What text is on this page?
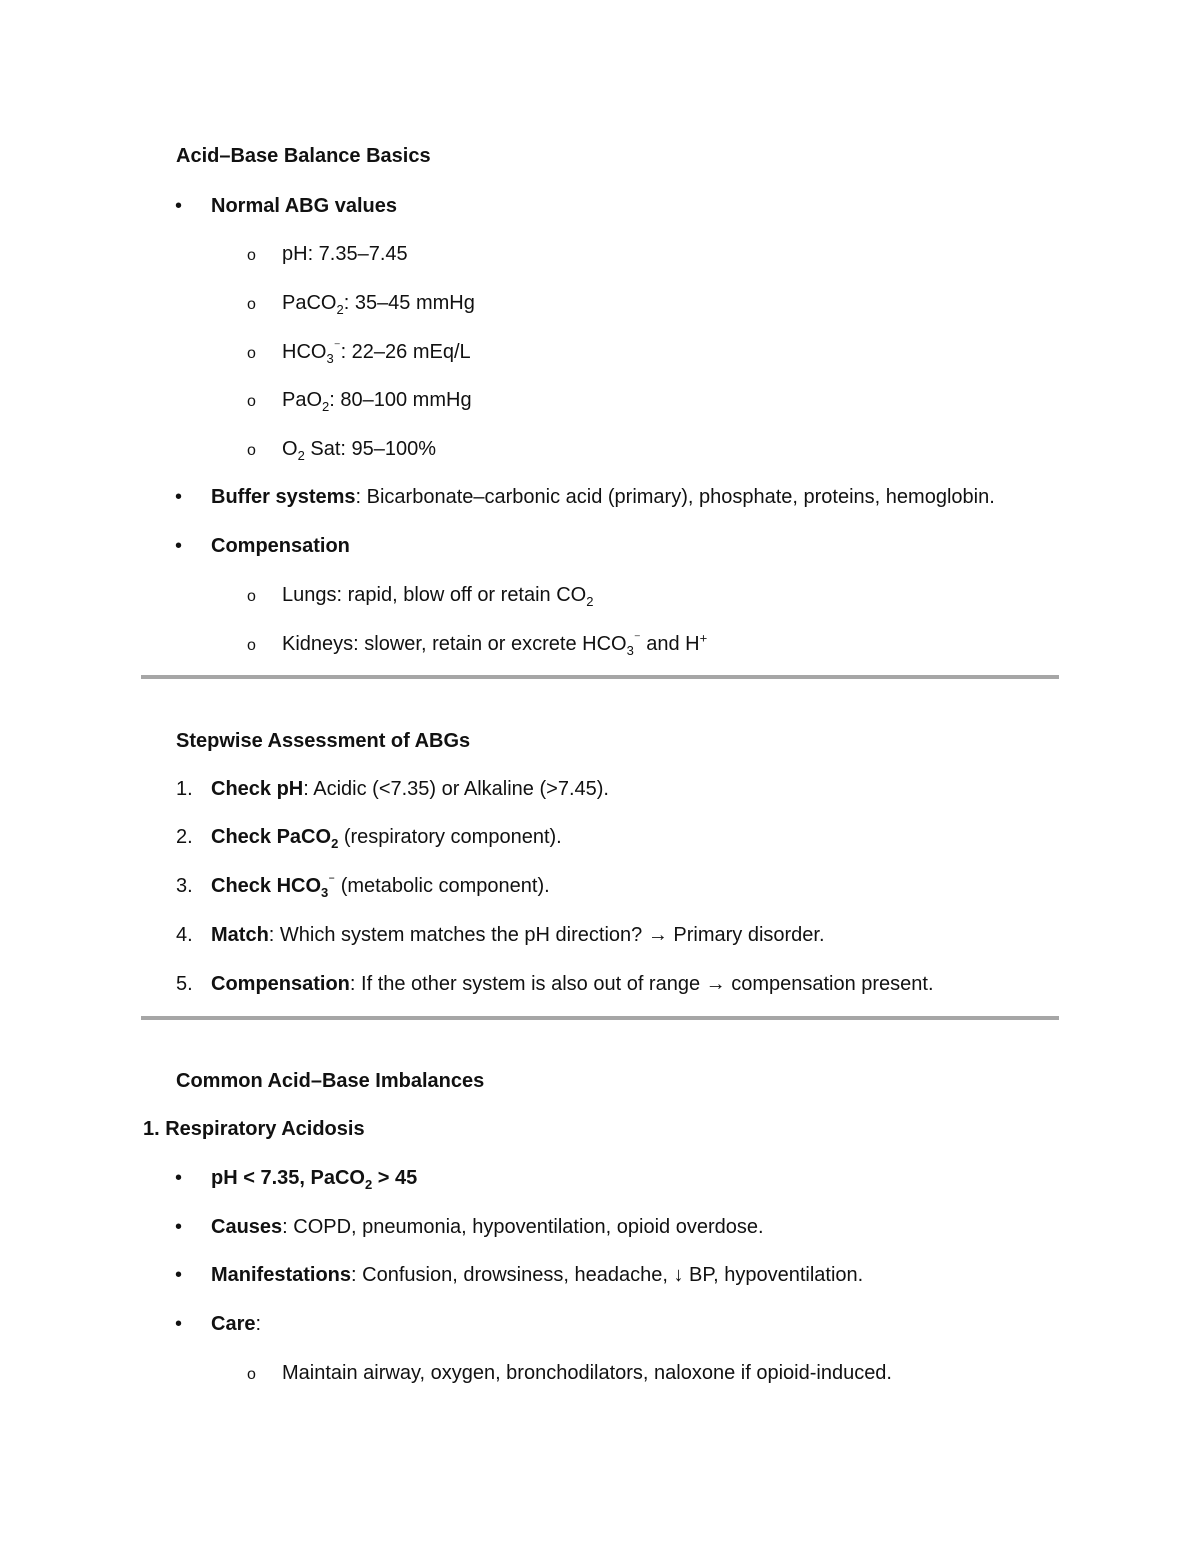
Acid–Base Balance Basics
• Normal ABG values
o pH: 7.35–7.45
o PaCO$_2$: 35–45 mmHg
o $HCO_3^{^-}$: 22–26 mEq/L
o PaO$_2$: 80–100 mmHg
o $O_2$ Sat: 95–100%
• Buffer systems: Bicarbonate–carbonic acid (primary), phosphate, proteins, hemoglobin.
• Compensation
o Lungs: rapid, blow off or retain $CO_2$
o Kidneys: slower, retain or excrete $HCO_3^{^-}$ and H+
Stepwise Assessment of ABGs
1. Check pH: Acidic (<7.35) or Alkaline (>7.45).
2. Check PaCO$_2$ (respiratory component).
3. Check $HCO_3^{^-}$ (metabolic component).
4. Match: Which system matches the pH direction? → Primary disorder.
5. Compensation: If the other system is also out of range → compensation present.
Common Acid–Base Imbalances
1. Respiratory Acidosis
• pH < 7.35, PaCO$_2$ > 45
• Causes: COPD, pneumonia, hypoventilation, opioid overdose.
• Manifestations: Confusion, drowsiness, headache, ↓ BP, hypoventilation.
• Care:
o Maintain airway, oxygen, bronchodilators, naloxone if opioid-induced.
